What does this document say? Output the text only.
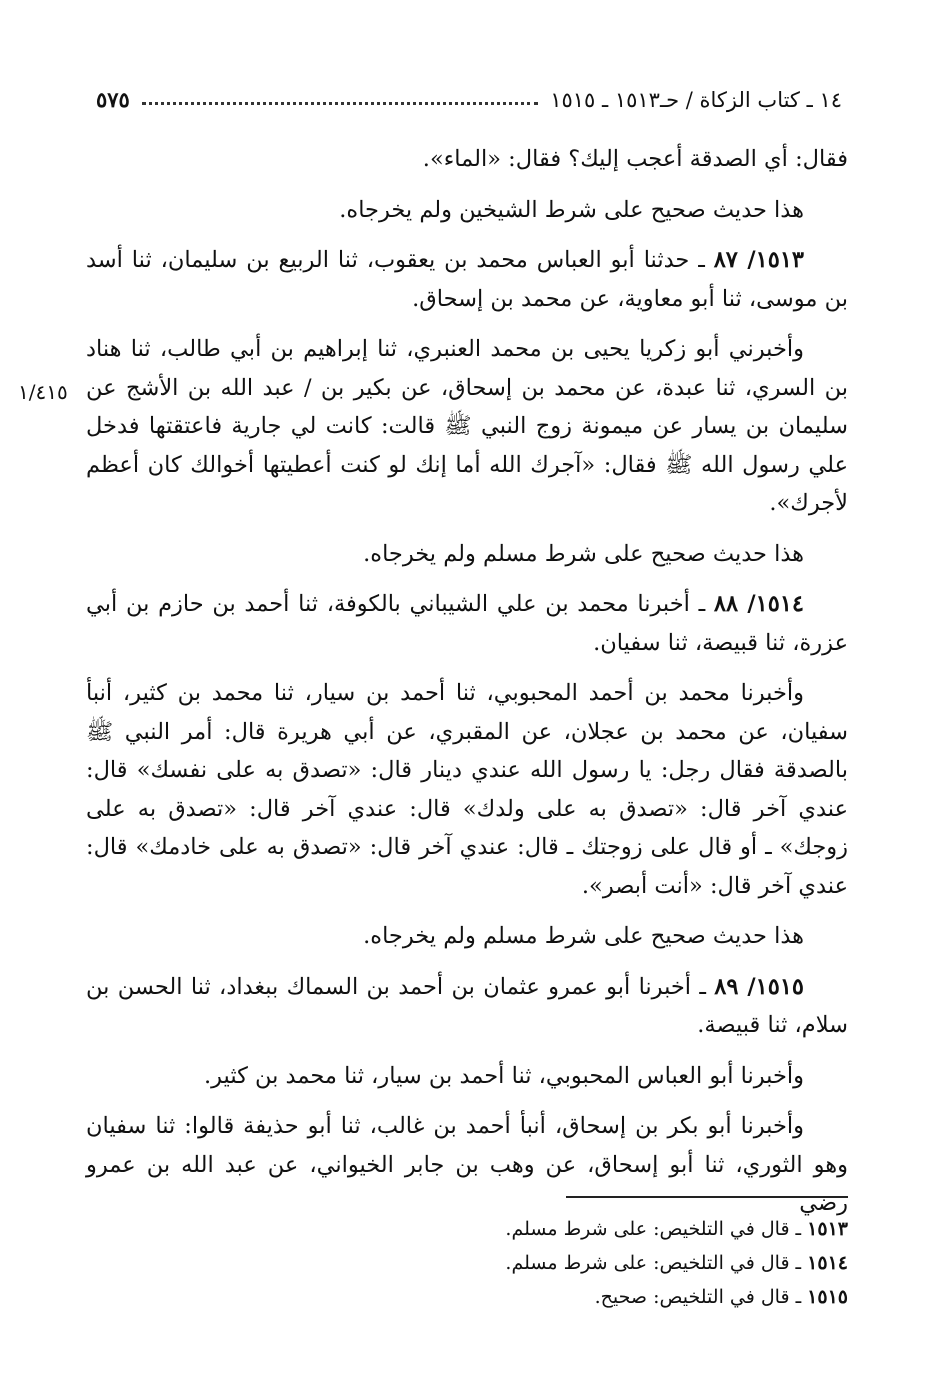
١٤ ـ كتاب الزكاة / حـ١٥١٣ ـ ١٥١٥
٥٧٥
١/٤١٥

فقال: أي الصدقة أعجب إليك؟ فقال: «الماء».

هذا حديث صحيح على شرط الشيخين ولم يخرجاه.

١٥١٣/ ٨٧ ـ حدثنا أبو العباس محمد بن يعقوب، ثنا الربيع بن سليمان، ثنا أسد بن موسى، ثنا أبو معاوية، عن محمد بن إسحاق.

وأخبرني أبو زكريا يحيى بن محمد العنبري، ثنا إبراهيم بن أبي طالب، ثنا هناد بن السري، ثنا عبدة، عن محمد بن إسحاق، عن بكير بن / عبد الله بن الأشج عن سليمان بن يسار عن ميمونة زوج النبي ﷺ قالت: كانت لي جارية فاعتقتها فدخل علي رسول الله ﷺ فقال: «آجرك الله أما إنك لو كنت أعطيتها أخوالك كان أعظم لأجرك».

هذا حديث صحيح على شرط مسلم ولم يخرجاه.

١٥١٤/ ٨٨ ـ أخبرنا محمد بن علي الشيباني بالكوفة، ثنا أحمد بن حازم بن أبي عزرة، ثنا قبيصة، ثنا سفيان.

وأخبرنا محمد بن أحمد المحبوبي، ثنا أحمد بن سيار، ثنا محمد بن كثير، أنبأ سفيان، عن محمد بن عجلان، عن المقبري، عن أبي هريرة قال: أمر النبي ﷺ بالصدقة فقال رجل: يا رسول الله عندي دينار قال: «تصدق به على نفسك» قال: عندي آخر قال: «تصدق به على ولدك» قال: عندي آخر قال: «تصدق به على زوجك» ـ أو قال على زوجتك ـ قال: عندي آخر قال: «تصدق به على خادمك» قال: عندي آخر قال: «أنت أبصر».

هذا حديث صحيح على شرط مسلم ولم يخرجاه.

١٥١٥/ ٨٩ ـ أخبرنا أبو عمرو عثمان بن أحمد بن السماك ببغداد، ثنا الحسن بن سلام، ثنا قبيصة.

وأخبرنا أبو العباس المحبوبي، ثنا أحمد بن سيار، ثنا محمد بن كثير.

وأخبرنا أبو بكر بن إسحاق، أنبأ أحمد بن غالب، ثنا أبو حذيفة قالوا: ثنا سفيان وهو الثوري، ثنا أبو إسحاق، عن وهب بن جابر الخيواني، عن عبد الله بن عمرو رضي

١٥١٣ ـ قال في التلخيص: على شرط مسلم.

١٥١٤ ـ قال في التلخيص: على شرط مسلم.

١٥١٥ ـ قال في التلخيص: صحيح.
